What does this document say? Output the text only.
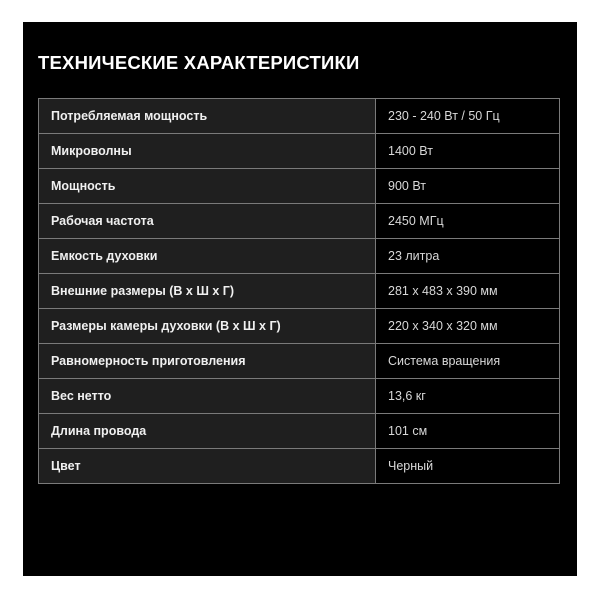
ТЕХНИЧЕСКИЕ ХАРАКТЕРИСТИКИ
Потребляемая мощность	230 - 240 Вт / 50 Гц
Микроволны	1400 Вт
Мощность	900 Вт
Рабочая частота	2450 МГц
Емкость духовки	23 литра
Внешние размеры (В х Ш х Г)	281 х 483 х 390 мм
Размеры камеры духовки (В х Ш х Г)	220 х 340 х 320 мм
Равномерность приготовления	Система вращения
Вес нетто	13,6 кг
Длина провода	101 см
Цвет	Черный
